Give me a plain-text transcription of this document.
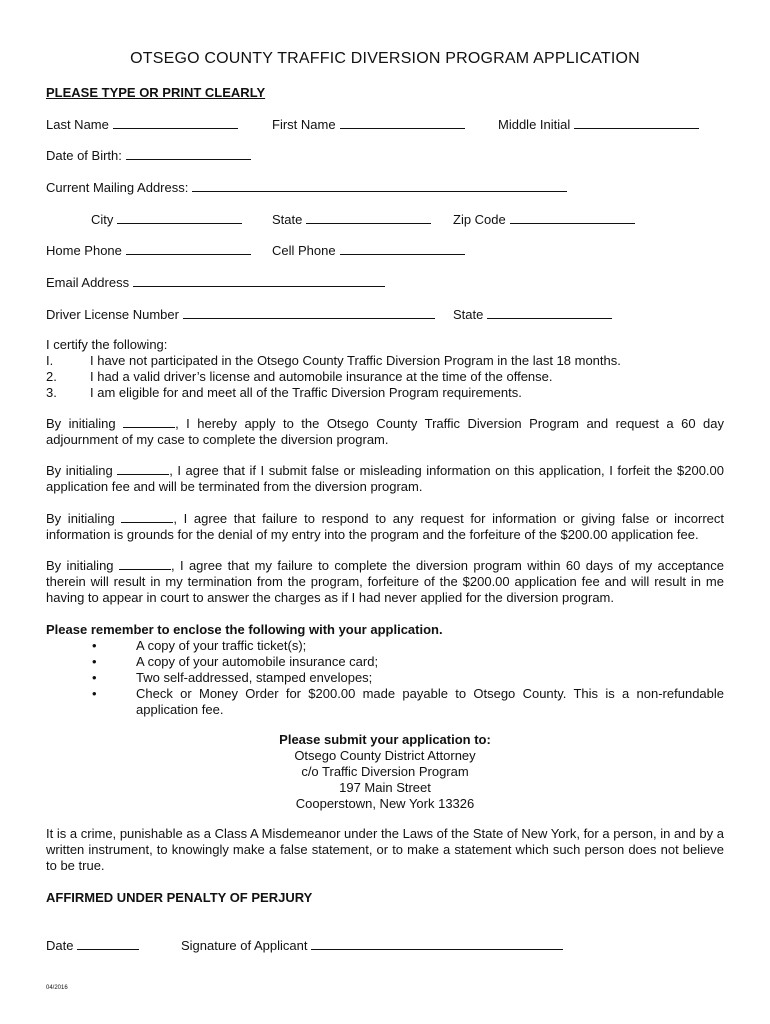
OTSEGO COUNTY TRAFFIC DIVERSION PROGRAM APPLICATION
PLEASE TYPE OR PRINT CLEARLY
Last Name	First Name	Middle Initial
Date of Birth:
Current Mailing Address:
City	State	Zip Code
Home Phone	Cell Phone
Email Address
Driver License Number	State
I certify the following:
I.	I have not participated in the Otsego County Traffic Diversion Program in the last 18 months.
2.	I had a valid driver’s license and automobile insurance at the time of the offense.
3.	I am eligible for and meet all of the Traffic Diversion Program requirements.
By initialing	, I hereby apply to the Otsego County Traffic Diversion Program and request a 60 day adjournment of my case to complete the diversion program.
By initialing	, I agree that if I submit false or misleading information on this application, I forfeit the $200.00 application fee and will be terminated from the diversion program.
By initialing	, I agree that failure to respond to any request for information or giving false or incorrect information is grounds for the denial of my entry into the program and the forfeiture of the $200.00 application fee.
By initialing	, I agree that my failure to complete the diversion program within 60 days of my acceptance therein will result in my termination from the program, forfeiture of the $200.00 application fee and will result in me having to appear in court to answer the charges as if I had never applied for the diversion program.
Please remember to enclose the following with your application.
•	A copy of your traffic ticket(s);
•	A copy of your automobile insurance card;
•	Two self-addressed, stamped envelopes;
•	Check or Money Order for $200.00 made payable to Otsego County. This is a non-refundable application fee.
Please submit your application to:
Otsego County District Attorney
c/o Traffic Diversion Program
197 Main Street
Cooperstown, New York 13326
It is a crime, punishable as a Class A Misdemeanor under the Laws of the State of New York, for a person, in and by a written instrument, to knowingly make a false statement, or to make a statement which such person does not believe to be true.
AFFIRMED UNDER PENALTY OF PERJURY
Date	Signature of Applicant
04/2016
